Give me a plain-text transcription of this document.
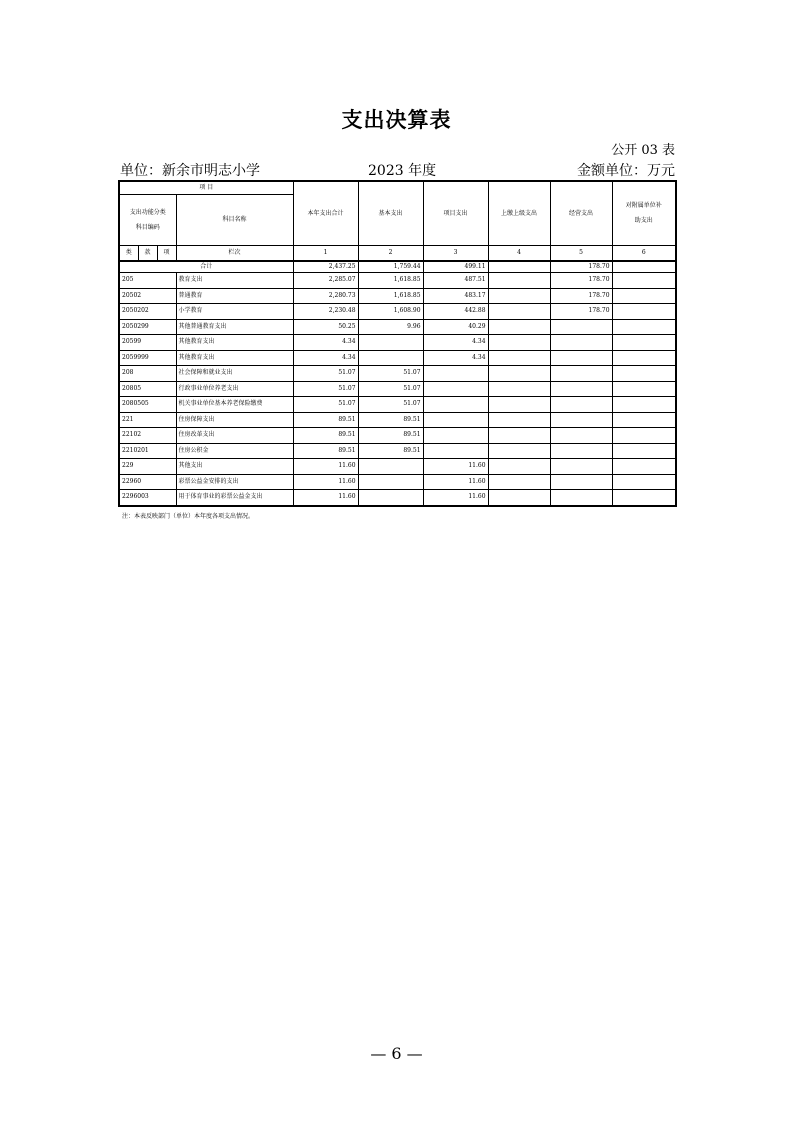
支出决算表
公开 03 表
单位：新余市明志小学	2023 年度	金额单位：万元
项 目				本年支出合计	基本支出	项目支出	上缴上级支出	经营支出	对附属单位补
助支出

支出功能分类
科目编码			科目名称						
类	款	项	栏次	1	2	3	4	5	6
合计		2,437.25	1,759.44	499.11		178.70	
205	教育支出	2,285.07	1,618.85	487.51		178.70	
20502	普通教育	2,280.73	1,618.85	483.17		178.70	
2050202	小学教育	2,230.48	1,608.90	442.88		178.70	
2050299	其他普通教育支出	50.25	9.96	40.29			
20599	其他教育支出	4.34		4.34			
2059999	其他教育支出	4.34		4.34			
208	社会保障和就业支出	51.07	51.07				
20805	行政事业单位养老支出	51.07	51.07				
2080505	机关事业单位基本养老保险缴费	51.07	51.07				
221	住房保障支出	89.51	89.51				
22102	住房改革支出	89.51	89.51				
2210201	住房公积金	89.51	89.51				
229	其他支出	11.60		11.60			
22960	彩票公益金安排的支出	11.60		11.60			
2296003	用于体育事业的彩票公益金支出	11.60		11.60			
注：本表反映部门（单位）本年度各项支出情况。
— 6 —
